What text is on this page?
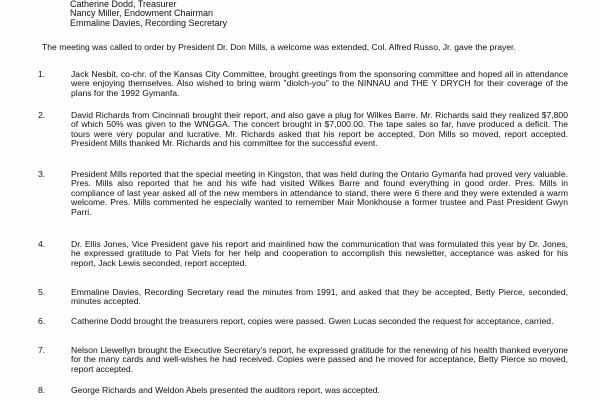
Catherine Dodd, Treasurer
Nancy Miller, Endowment Chairman
Emmaline Davies, Recording Secretary
The meeting was called to order by President Dr. Don Mills, a welcome was extended, Col. Alfred Russo, Jr. gave the prayer.
1.	Jack Nesbit, co-chr. of the Kansas City Committee, brought greetings from the sponsoring committee and hoped all in attendance were enjoying themselves. Also wished to bring warm "diolch-you" to the NINNAU and THE Y DRYCH for their coverage of the plans for the 1992 Gymanfa.
2.	David Richards from Cincinnati brought their report, and also gave a plug for Wilkes Barre. Mr. Richards said they realized $7,800 of which 50% was given to the WNGGA. The concert brought in $7,000.00. The tape sales so far, have produced a deficit. The tours were very popular and lucrative. Mr. Richards asked that his report be accepted, Don Mills so moved, report accepted. President Mills thanked Mr. Richards and his committee for the successful event.
3.	President Mills reported that the special meeting in Kingston, that was held during the Ontario Gymanfa had proved very valuable. Pres. Mills also reported that he and his wife had visited Wilkes Barre and found everything in good order. Pres. Mills in compliance of last year asked all of the new members in attendance to stand, there were 6 there and they were extended a warm welcome. Pres. Mills commented he especially wanted to remember Mair Monkhouse a former trustee and Past President Gwyn Parri.
4.	Dr. Ellis Jones, Vice President gave his report and mainlined how the communication that was formulated this year by Dr. Jones, he expressed gratitude to Pat Viets for her help and cooperation to accomplish this newsletter, acceptance was asked for his report, Jack Lewis seconded, report accepted.
5.	Emmaline Davies, Recording Secretary read the minutes from 1991, and asked that they be accepted, Betty Pierce, seconded, minutes accepted.
6.	Catherine Dodd brought the treasurers report, copies were passed. Gwen Lucas seconded the request for acceptance, carried.
7.	Nelson Llewellyn brought the Executive Secretary's report, he expressed gratitude for the renewing of his health thanked everyone for the many cards and well-wishes he had received. Copies were passed and he moved for acceptance, Betty Pierce so moved, report accepted.
8.	George Richards and Weldon Abels presented the auditors report, was accepted.
